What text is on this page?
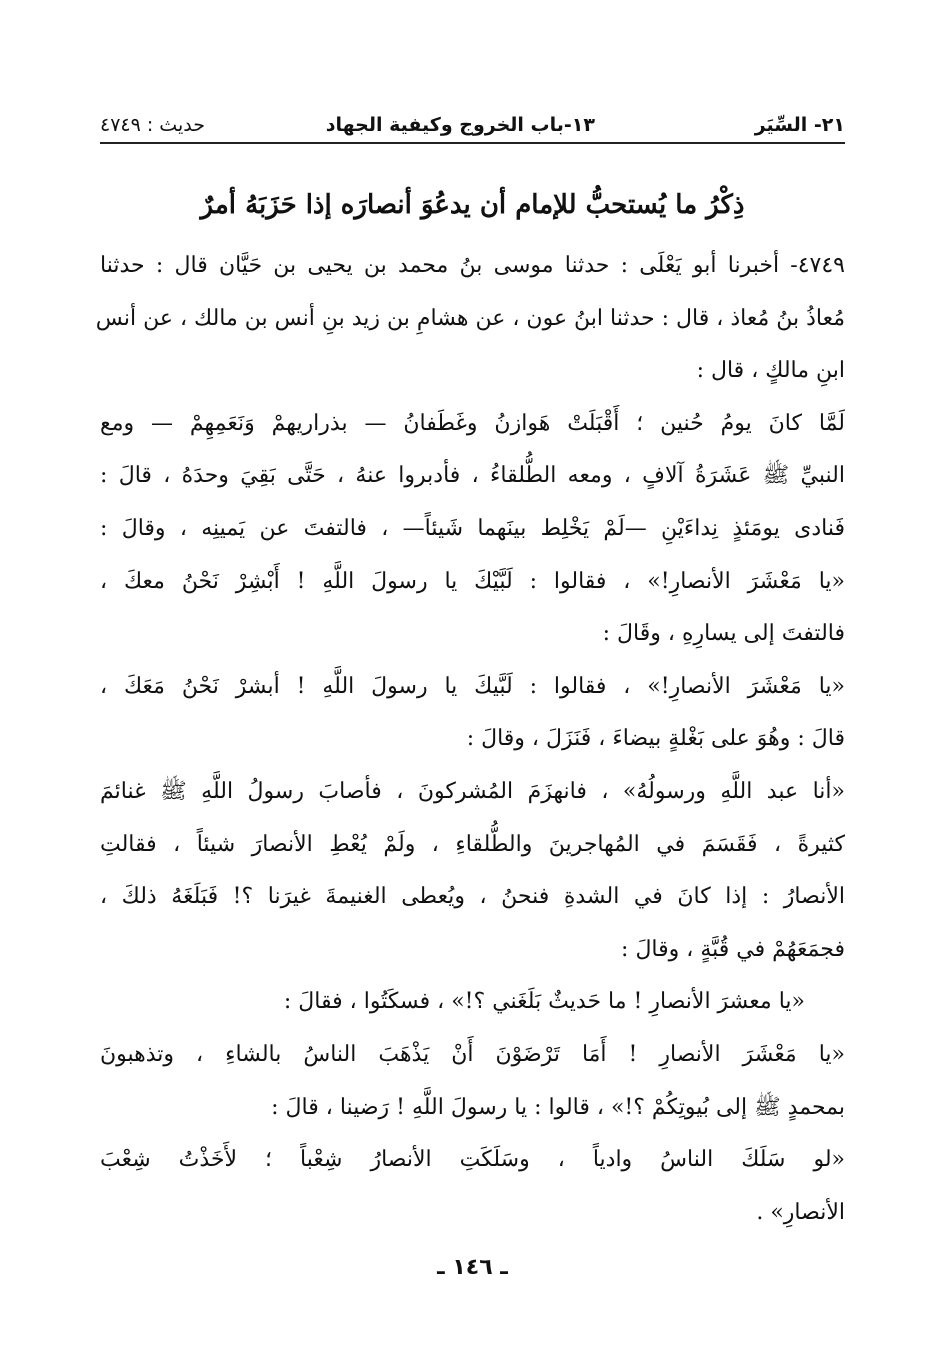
٢١- السِّيَر
١٣-باب الخروج وكيفية الجهاد
حديث : ٤٧٤٩
ذِكْرُ ما يُستحبُّ للإمام أن يدعُوَ أنصارَه إذا حَزَبَهُ أمرٌ
٤٧٤٩- أخبرنا أبو يَعْلَى : حدثنا موسى بنُ محمد بن يحيى بن حَيَّان قال : حدثنا
مُعاذُ بنُ مُعاذ ، قال : حدثنا ابنُ عون ، عن هشامِ بن زيد بنِ أنس بن مالك ، عن أنس
ابنِ مالكٍ ، قال :
لَمَّا كانَ يومُ حُنين ؛ أَقْبَلَتْ هَوازنُ وغَطَفانُ — بذراريهمْ وَنَعَمِهِمْ — ومع
النبيِّ ﷺ عَشَرَةُ آلافٍ ، ومعه الطُّلقاءُ ، فأدبروا عنهُ ، حَتَّى بَقِيَ وحدَهُ ، قالَ :
فَنادى يومَئذٍ نِداءَيْنِ —لَمْ يَخْلِط بينَهما شَيئاً— ، فالتفتَ عن يَمينِه ، وقالَ :
«يا مَعْشَرَ الأنصارِ!» ، فقالوا : لَبَّيْكَ يا رسولَ اللَّهِ ! أَبْشِرْ نَحْنُ معكَ ،
فالتفتَ إلى يسارِهِ ، وقَالَ :
«يا مَعْشَرَ الأنصارِ!» ، فقالوا : لَبَّيكَ يا رسولَ اللَّهِ ! أبشرْ نَحْنُ مَعَكَ ،
قالَ : وهُوَ على بَغْلةٍ بيضاءَ ، فَنَزَلَ ، وقالَ :
«أنا عبد اللَّهِ ورسولُهُ» ، فانهزَمَ المُشركونَ ، فأصابَ رسولُ اللَّهِ ﷺ غنائمَ
كثيرةً ، فَقَسَمَ في المُهاجرينَ والطُّلقاءِ ، ولَمْ يُعْطِ الأنصارَ شيئاً ، فقالتِ
الأنصارُ : إذا كانَ في الشدةِ فنحنُ ، ويُعطى الغنيمةَ غيرَنا ؟! فَبَلَغَهُ ذلكَ ،
فجمَعَهُمْ في قُبَّةٍ ، وقالَ :
«يا معشرَ الأنصارِ ! ما حَديثٌ بَلَغَني ؟!» ، فسكَتُوا ، فقالَ :
«يا مَعْشَرَ الأنصارِ ! أَمَا تَرْضَوْنَ أَنْ يَذْهَبَ الناسُ بالشاءِ ، وتذهبونَ
بمحمدٍ ﷺ إلى بُيوتِكُمْ ؟!» ، قالوا : يا رسولَ اللَّهِ ! رَضينا ، قالَ :
«لو سَلَكَ الناسُ وادياً ، وسَلَكَتِ الأنصارُ شِعْباً ؛ لأَخَذْتُ شِعْبَ
الأنصارِ» .
ـ ١٤٦ ـ
